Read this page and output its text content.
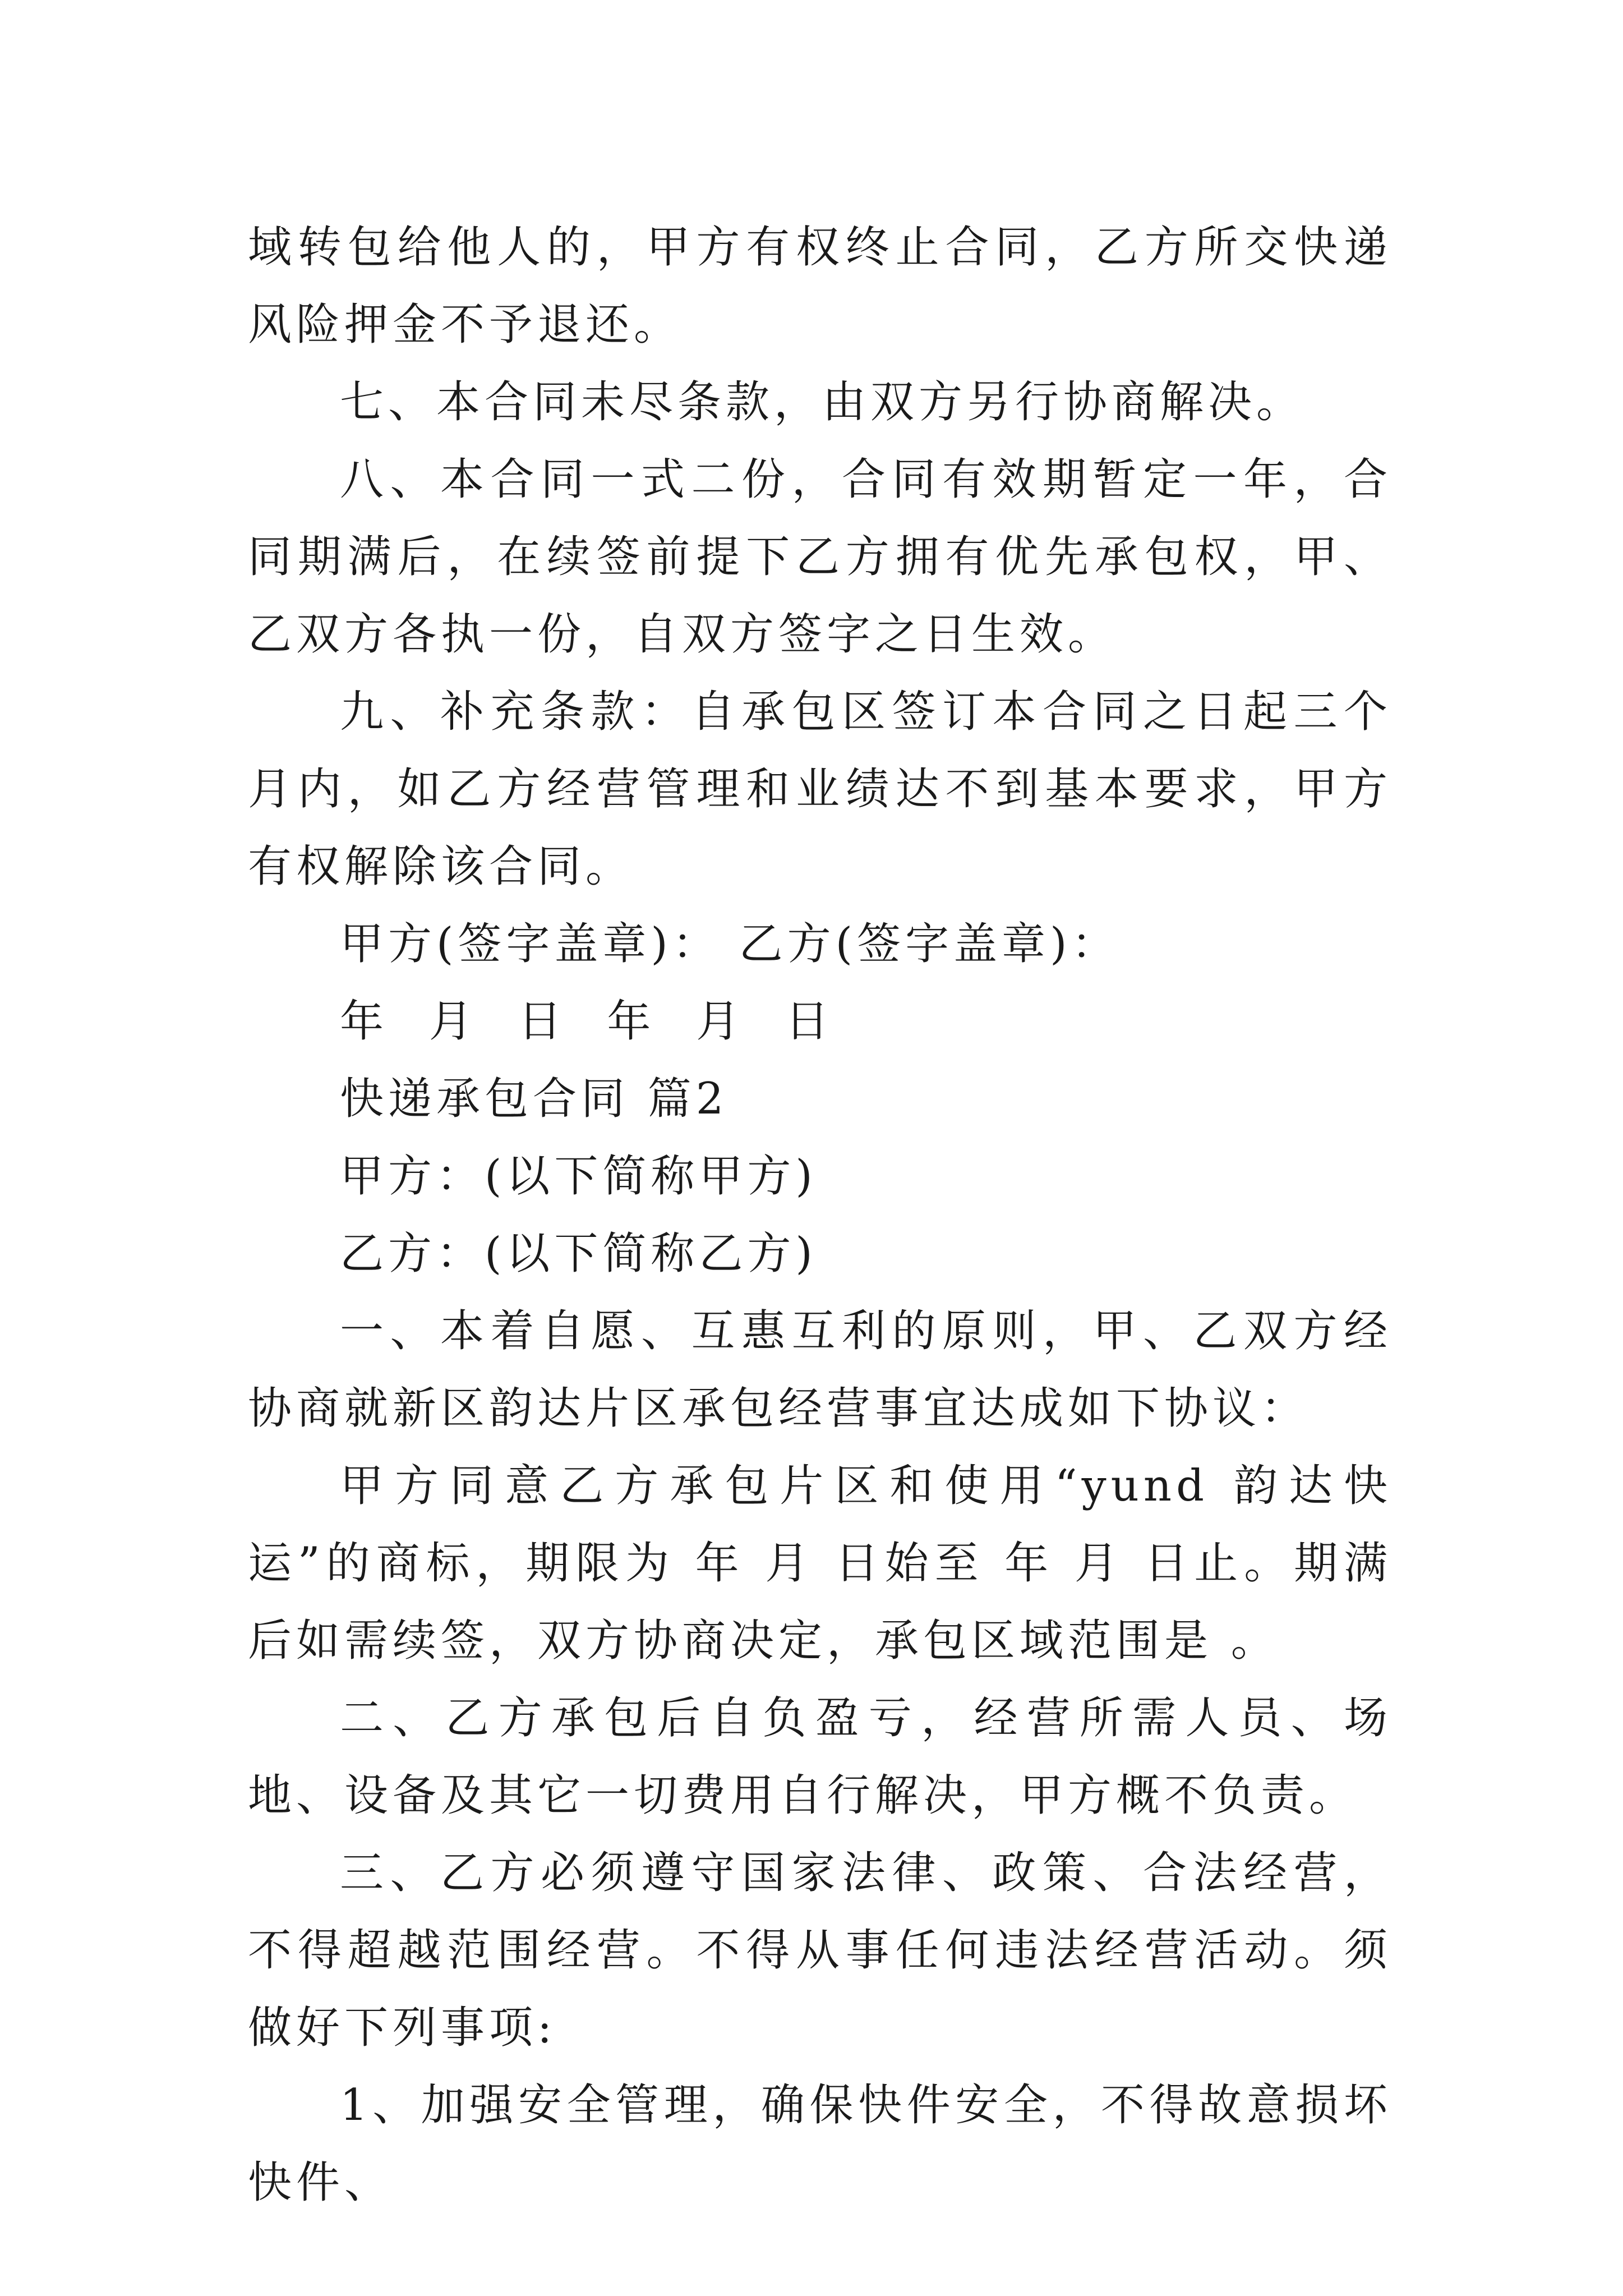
域转包给他人的，甲方有权终止合同，乙方所交快递风险押金不予退还。

七、本合同未尽条款，由双方另行协商解决。

八、本合同一式二份，合同有效期暂定一年，合同期满后，在续签前提下乙方拥有优先承包权，甲、乙双方各执一份，自双方签字之日生效。

九、补充条款：自承包区签订本合同之日起三个月内，如乙方经营管理和业绩达不到基本要求，甲方有权解除该合同。

甲方(签字盖章)： 乙方(签字盖章)：

年 月 日 年 月 日

快递承包合同 篇2

甲方：(以下简称甲方)

乙方：(以下简称乙方)

一、本着自愿、互惠互利的原则，甲、乙双方经协商就新区韵达片区承包经营事宜达成如下协议：

甲方同意乙方承包片区和使用“yund 韵达快运”的商标，期限为 年 月 日始至 年 月 日止。期满后如需续签，双方协商决定，承包区域范围是 。

二、乙方承包后自负盈亏，经营所需人员、场地、设备及其它一切费用自行解决，甲方概不负责。

三、乙方必须遵守国家法律、政策、合法经营，不得超越范围经营。不得从事任何违法经营活动。须做好下列事项:

1、加强安全管理，确保快件安全，不得故意损坏快件、
